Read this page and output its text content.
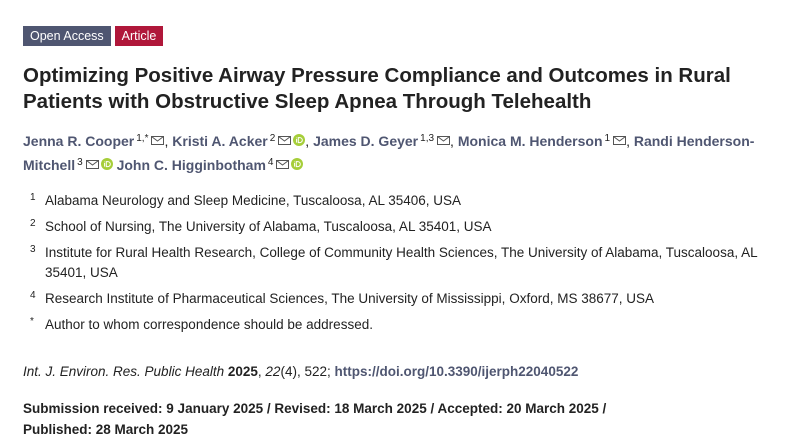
Open Access	Article
Optimizing Positive Airway Pressure Compliance and Outcomes in Rural Patients with Obstructive Sleep Apnea Through Telehealth
Jenna R. Cooper $^{1,*}$ , Kristi A. Acker $^2$ , James D. Geyer $^{1,3}$ , Monica M. Henderson $^1$ , Randi Henderson-Mitchell $^3$ John C. Higginbotham $^4$
1 Alabama Neurology and Sleep Medicine, Tuscaloosa, AL 35406, USA
2 School of Nursing, The University of Alabama, Tuscaloosa, AL 35401, USA
3 Institute for Rural Health Research, College of Community Health Sciences, The University of Alabama, Tuscaloosa, AL 35401, USA
4 Research Institute of Pharmaceutical Sciences, The University of Mississippi, Oxford, MS 38677, USA
* Author to whom correspondence should be addressed.
Int. J. Environ. Res. Public Health 2025, 22(4), 522; https://doi.org/10.3390/ijerph22040522
Submission received: 9 January 2025 / Revised: 18 March 2025 / Accepted: 20 March 2025 / Published: 28 March 2025
